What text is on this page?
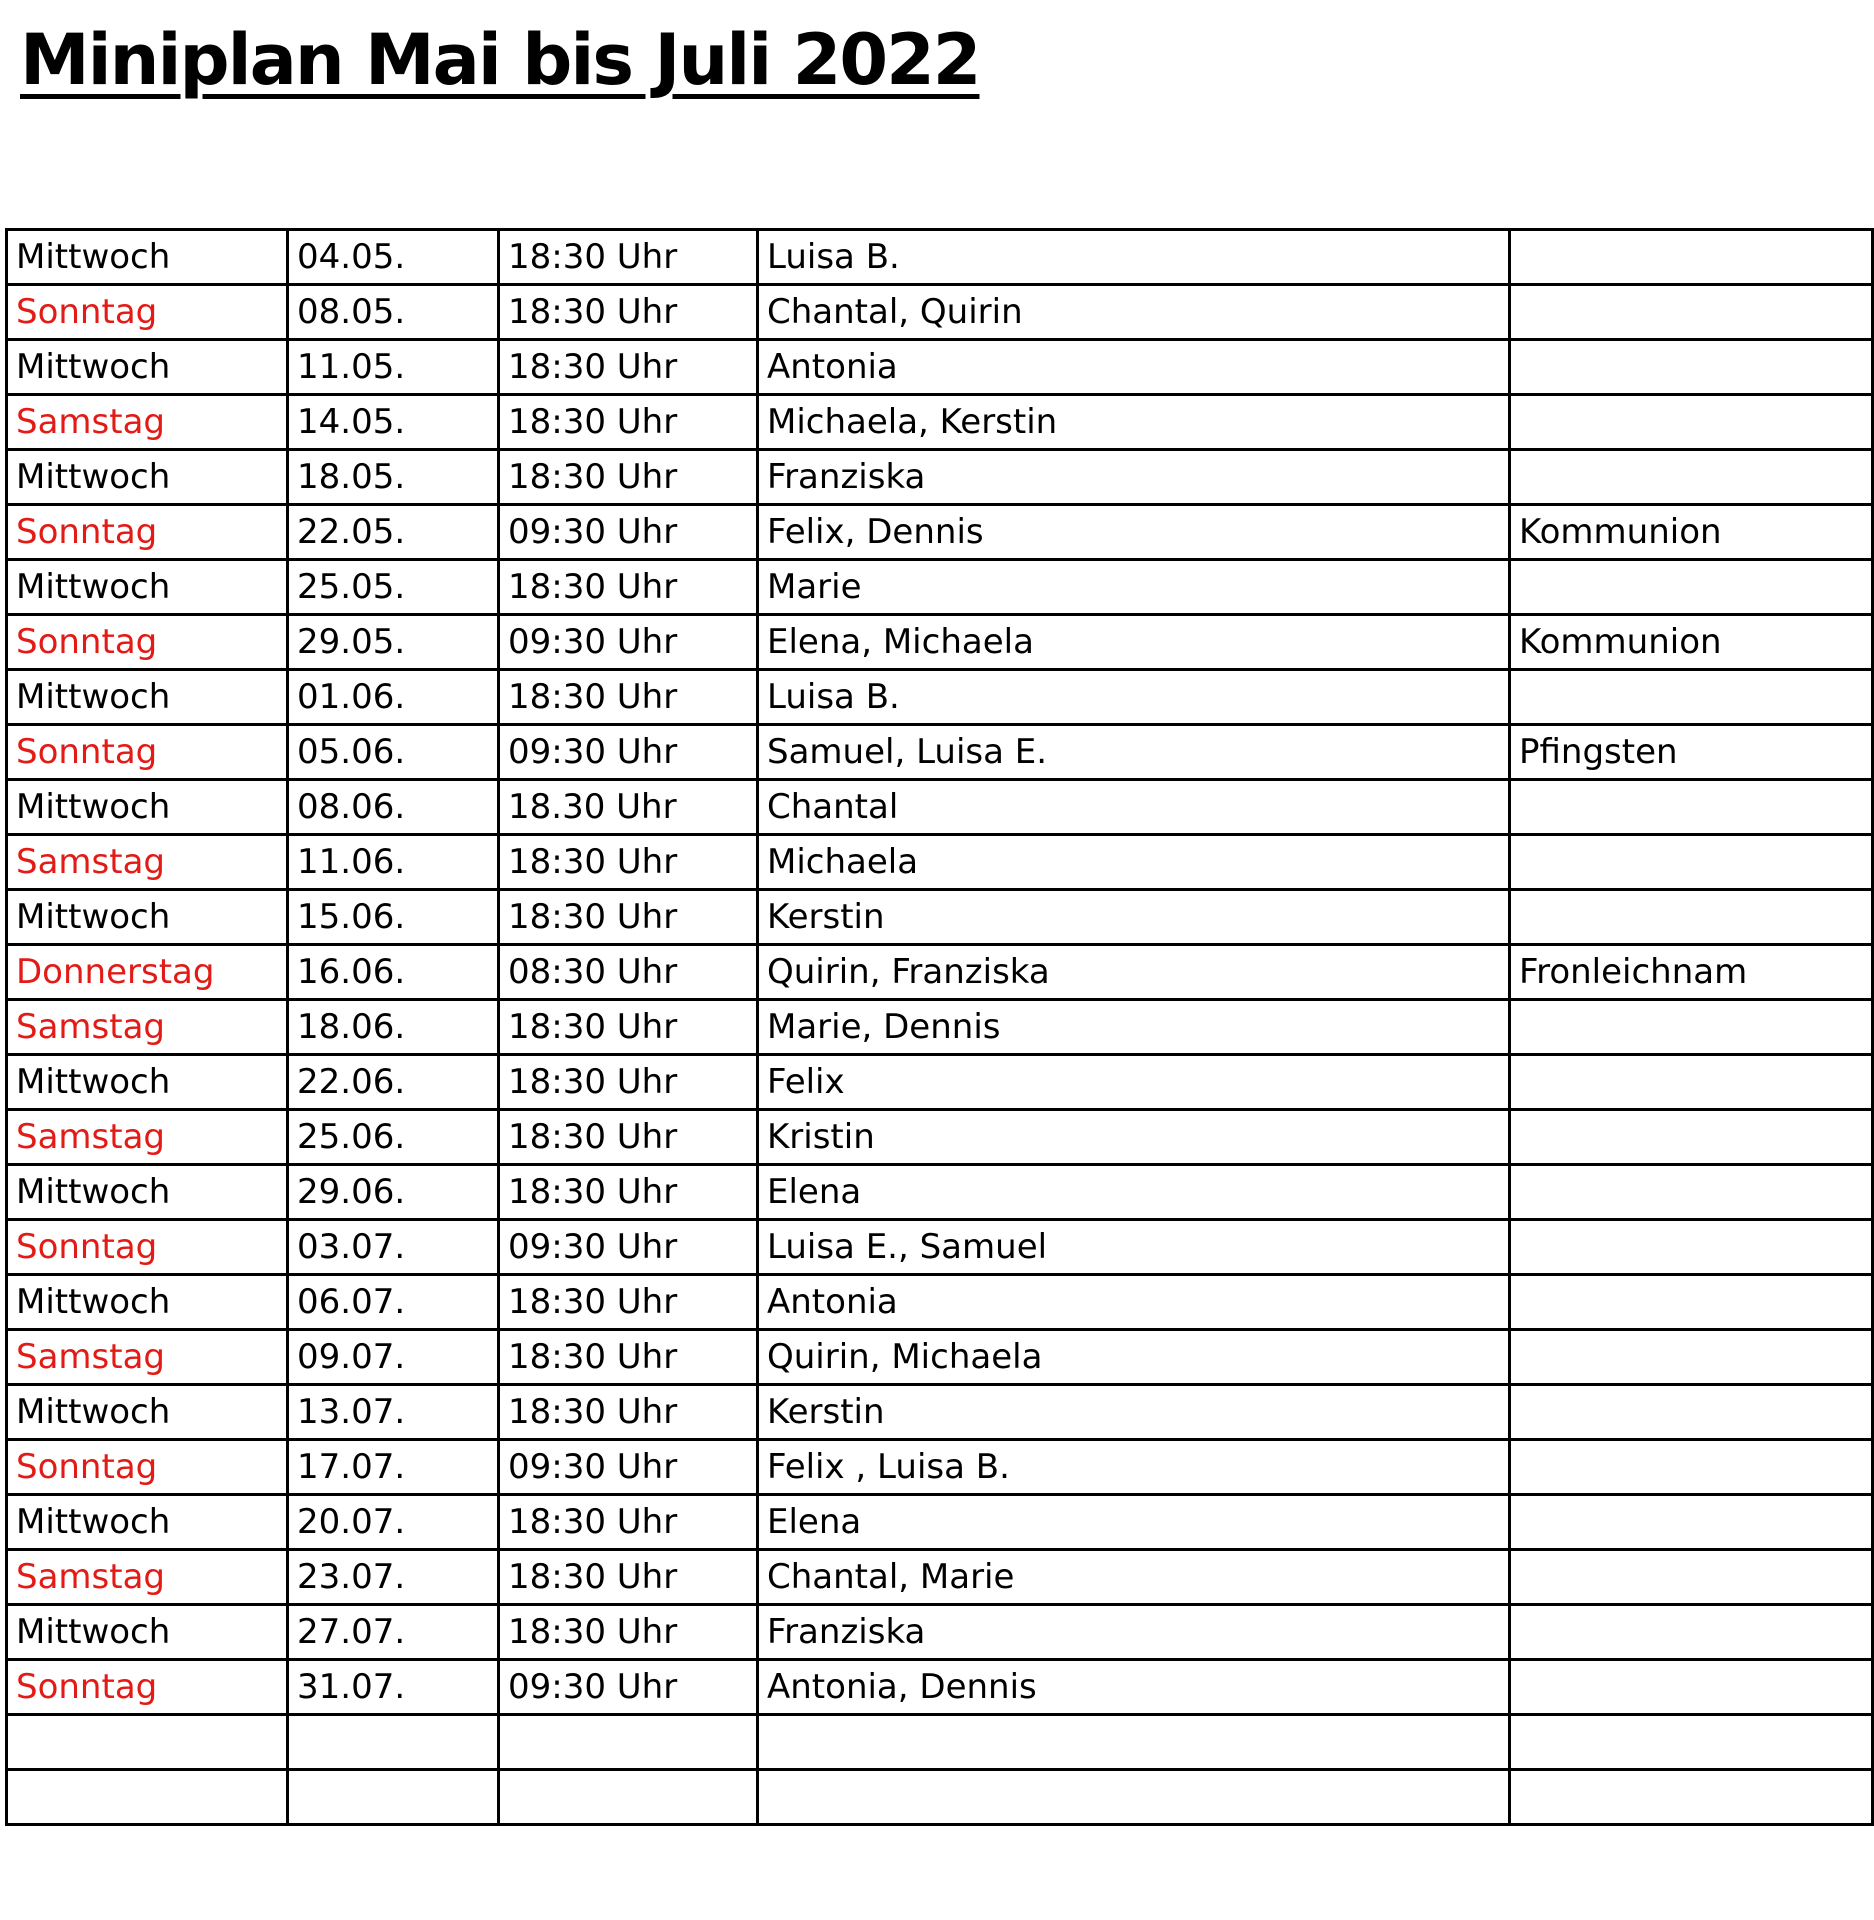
Miniplan Mai bis Juli 2022
Mittwoch	04.05.	18:30 Uhr	Luisa B.	
Sonntag	08.05.	18:30 Uhr	Chantal, Quirin	
Mittwoch	11.05.	18:30 Uhr	Antonia	
Samstag	14.05.	18:30 Uhr	Michaela, Kerstin	
Mittwoch	18.05.	18:30 Uhr	Franziska	
Sonntag	22.05.	09:30 Uhr	Felix, Dennis	Kommunion
Mittwoch	25.05.	18:30 Uhr	Marie	
Sonntag	29.05.	09:30 Uhr	Elena, Michaela	Kommunion
Mittwoch	01.06.	18:30 Uhr	Luisa B.	
Sonntag	05.06.	09:30 Uhr	Samuel, Luisa E.	Pfingsten
Mittwoch	08.06.	18.30 Uhr	Chantal	
Samstag	11.06.	18:30 Uhr	Michaela	
Mittwoch	15.06.	18:30 Uhr	Kerstin	
Donnerstag	16.06.	08:30 Uhr	Quirin, Franziska	Fronleichnam
Samstag	18.06.	18:30 Uhr	Marie, Dennis	
Mittwoch	22.06.	18:30 Uhr	Felix	
Samstag	25.06.	18:30 Uhr	Kristin	
Mittwoch	29.06.	18:30 Uhr	Elena	
Sonntag	03.07.	09:30 Uhr	Luisa E., Samuel	
Mittwoch	06.07.	18:30 Uhr	Antonia	
Samstag	09.07.	18:30 Uhr	Quirin, Michaela	
Mittwoch	13.07.	18:30 Uhr	Kerstin	
Sonntag	17.07.	09:30 Uhr	Felix , Luisa B.	
Mittwoch	20.07.	18:30 Uhr	Elena	
Samstag	23.07.	18:30 Uhr	Chantal, Marie	
Mittwoch	27.07.	18:30 Uhr	Franziska	
Sonntag	31.07.	09:30 Uhr	Antonia, Dennis	
